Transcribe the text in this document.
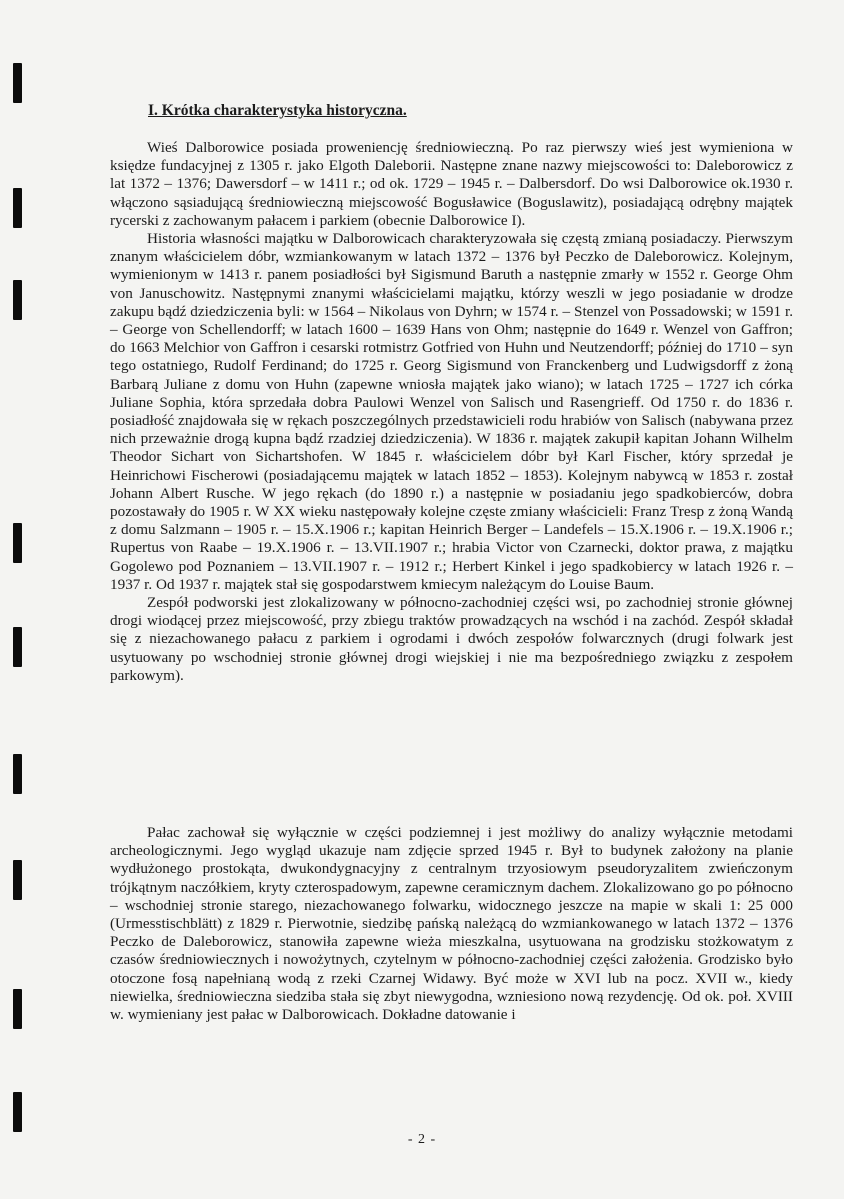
I. Krótka charakterystyka historyczna.

Wieś Dalborowice posiada proweniencję średniowieczną. Po raz pierwszy wieś jest wymieniona w księdze fundacyjnej z 1305 r. jako Elgoth Daleborii. Następne znane nazwy miejscowości to: Daleborowicz z lat 1372 – 1376; Dawersdorf – w 1411 r.; od ok. 1729 – 1945 r. – Dalbersdorf. Do wsi Dalborowice ok.1930 r. włączono sąsiadującą średniowieczną miejscowość Bogusławice (Boguslawitz), posiadającą odrębny majątek rycerski z zachowanym pałacem i parkiem (obecnie Dalborowice I).

Historia własności majątku w Dalborowicach charakteryzowała się częstą zmianą posiadaczy. Pierwszym znanym właścicielem dóbr, wzmiankowanym w latach 1372 – 1376 był Peczko de Daleborowicz. Kolejnym, wymienionym w 1413 r. panem posiadłości był Sigismund Baruth a następnie zmarły w 1552 r. George Ohm von Januschowitz. Następnymi znanymi właścicielami majątku, którzy weszli w jego posiadanie w drodze zakupu bądź dziedziczenia byli: w 1564 – Nikolaus von Dyhrn; w 1574 r. – Stenzel von Possadowski; w 1591 r. – George von Schellendorff; w latach 1600 – 1639 Hans von Ohm; następnie do 1649 r. Wenzel von Gaffron; do 1663 Melchior von Gaffron i cesarski rotmistrz Gotfried von Huhn und Neutzendorff; później do 1710 – syn tego ostatniego, Rudolf Ferdinand; do 1725 r. Georg Sigismund von Franckenberg und Ludwigsdorff z żoną Barbarą Juliane z domu von Huhn (zapewne wniosła majątek jako wiano); w latach 1725 – 1727 ich córka Juliane Sophia, która sprzedała dobra Paulowi Wenzel von Salisch und Rasengrieff. Od 1750 r. do 1836 r. posiadłość znajdowała się w rękach poszczególnych przedstawicieli rodu hrabiów von Salisch (nabywana przez nich przeważnie drogą kupna bądź rzadziej dziedziczenia). W 1836 r. majątek zakupił kapitan Johann Wilhelm Theodor Sichart von Sichartshofen. W 1845 r. właścicielem dóbr był Karl Fischer, który sprzedał je Heinrichowi Fischerowi (posiadającemu majątek w latach 1852 – 1853). Kolejnym nabywcą w 1853 r. został Johann Albert Rusche. W jego rękach (do 1890 r.) a następnie w posiadaniu jego spadkobierców, dobra pozostawały do 1905 r. W XX wieku następowały kolejne częste zmiany właścicieli: Franz Tresp z żoną Wandą z domu Salzmann – 1905 r. – 15.X.1906 r.; kapitan Heinrich Berger – Landefels – 15.X.1906 r. – 19.X.1906 r.; Rupertus von Raabe – 19.X.1906 r. – 13.VII.1907 r.; hrabia Victor von Czarnecki, doktor prawa, z majątku Gogolewo pod Poznaniem – 13.VII.1907 r. – 1912 r.; Herbert Kinkel i jego spadkobiercy w latach 1926 r. – 1937 r. Od 1937 r. majątek stał się gospodarstwem kmiecym należącym do Louise Baum.

Zespół podworski jest zlokalizowany w północno-zachodniej części wsi, po zachodniej stronie głównej drogi wiodącej przez miejscowość, przy zbiegu traktów prowadzących na wschód i na zachód. Zespół składał się z niezachowanego pałacu z parkiem i ogrodami i dwóch zespołów folwarcznych (drugi folwark jest usytuowany po wschodniej stronie głównej drogi wiejskiej i nie ma bezpośredniego związku z zespołem parkowym).

Pałac zachował się wyłącznie w części podziemnej i jest możliwy do analizy wyłącznie metodami archeologicznymi. Jego wygląd ukazuje nam zdjęcie sprzed 1945 r. Był to budynek założony na planie wydłużonego prostokąta, dwukondygnacyjny z centralnym trzyosiowym pseudoryzalitem zwieńczonym trójkątnym naczółkiem, kryty czterospadowym, zapewne ceramicznym dachem. Zlokalizowano go po północno – wschodniej stronie starego, niezachowanego folwarku, widocznego jeszcze na mapie w skali 1: 25 000 (Urmesstischblätt) z 1829 r. Pierwotnie, siedzibę pańską należącą do wzmiankowanego w latach 1372 – 1376 Peczko de Daleborowicz, stanowiła zapewne wieża mieszkalna, usytuowana na grodzisku stożkowatym z czasów średniowiecznych i nowożytnych, czytelnym w północno-zachodniej części założenia. Grodzisko było otoczone fosą napełnianą wodą z rzeki Czarnej Widawy. Być może w XVI lub na pocz. XVII w., kiedy niewielka, średniowieczna siedziba stała się zbyt niewygodna, wzniesiono nową rezydencję. Od ok. poł. XVIII w. wymieniany jest pałac w Dalborowicach. Dokładne datowanie i

- 2 -
